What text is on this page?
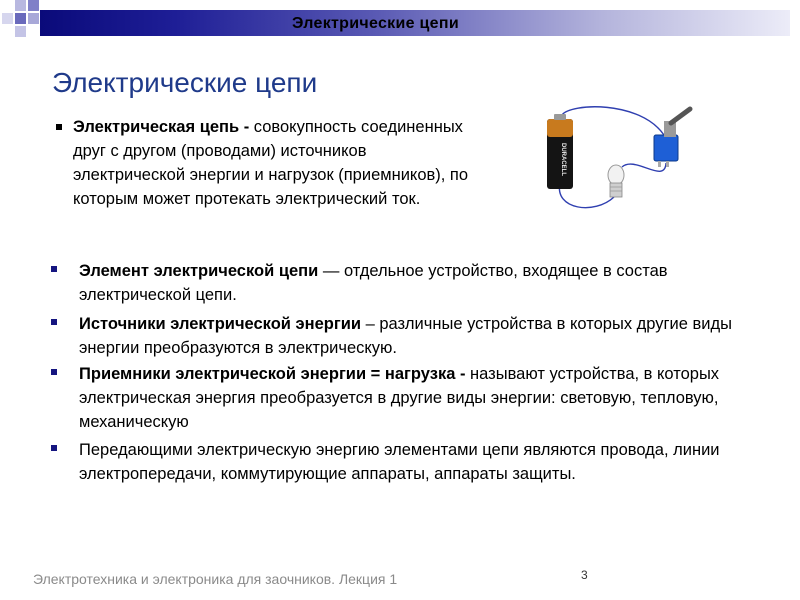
Электрические цепи
Электрические цепи
Электрическая цепь - совокупность соединенных друг с другом (проводами) источников электрической энергии и нагрузок (приемников), по которым может протекать электрический ток.
DURACELL
Элемент электрической цепи — отдельное устройство, входящее в состав электрической цепи.
Источники электрической энергии – различные устройства в которых другие виды энергии преобразуются в электрическую.
Приемники электрической энергии = нагрузка - называют устройства, в которых электрическая энергия преобразуется в другие виды энергии: световую, тепловую, механическую
Передающими электрическую энергию элементами цепи являются провода, линии электропередачи, коммутирующие аппараты, аппараты защиты.
Электротехника и электроника для заочников. Лекция 1	3
